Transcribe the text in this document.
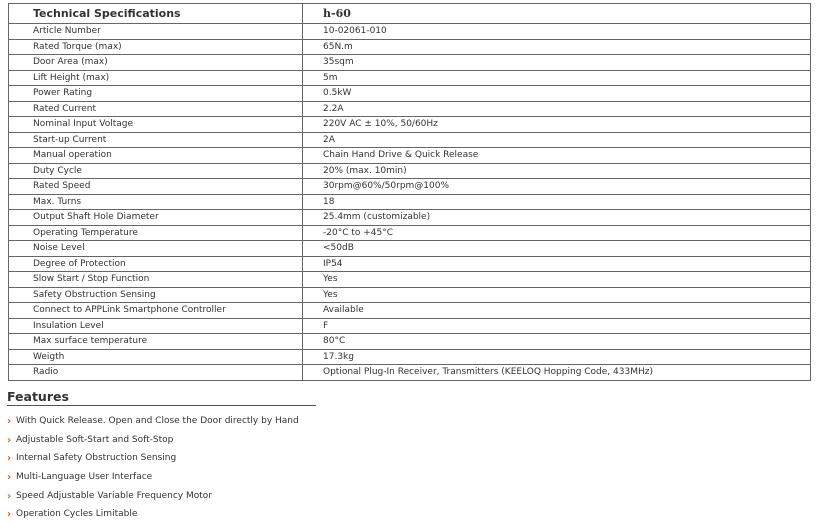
Technical Specifications	h-60
Article Number	10-02061-010
Rated Torque (max)	65N.m
Door Area (max)	35sqm
Lift Height (max)	5m
Power Rating	0.5kW
Rated Current	2.2A
Nominal Input Voltage	220V AC ± 10%, 50/60Hz
Start-up Current	2A
Manual operation	Chain Hand Drive & Quick Release
Duty Cycle	20% (max. 10min)
Rated Speed	30rpm@60%/50rpm@100%
Max. Turns	18
Output Shaft Hole Diameter	25.4mm (customizable)
Operating Temperature	-20°C to +45°C
Noise Level	<50dB
Degree of Protection	IP54
Slow Start / Stop Function	Yes
Safety Obstruction Sensing	Yes
Connect to APPLink Smartphone Controller	Available
Insulation Level	F
Max surface temperature	80°C
Weigth	17.3kg
Radio	Optional Plug-In Receiver, Transmitters (KEELOQ Hopping Code, 433MHz)
Features
› With Quick Release. Open and Close the Door directly by Hand
› Adjustable Soft-Start and Soft-Stop
› Internal Safety Obstruction Sensing
› Multi-Language User Interface
› Speed Adjustable Variable Frequency Motor
› Operation Cycles Limitable
